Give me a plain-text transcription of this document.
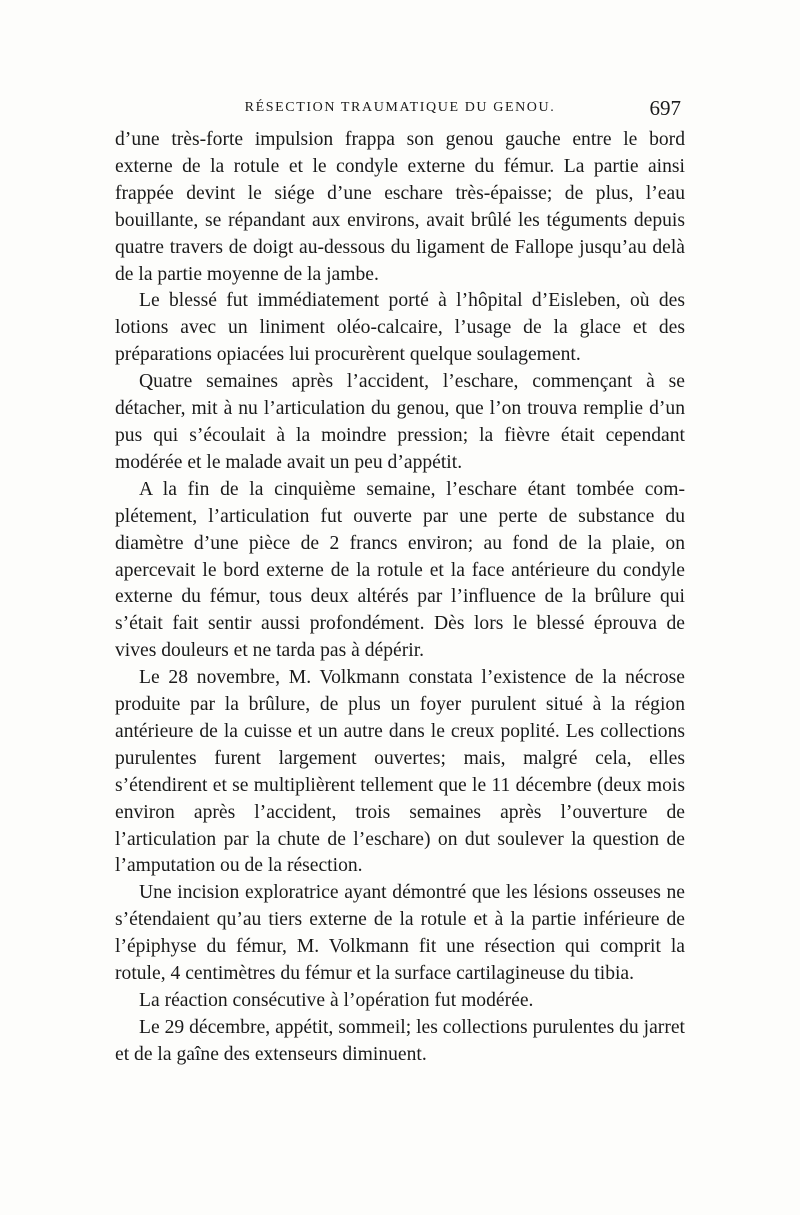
RÉSECTION TRAUMATIQUE DU GENOU.	697

d’une très-forte impulsion frappa son genou gauche entre le bord externe de la rotule et le condyle externe du fémur. La partie ainsi frappée devint le siége d’une eschare très-épaisse; de plus, l’eau bouillante, se répandant aux environs, avait brûlé les téguments depuis quatre travers de doigt au-dessous du ligament de Fallope jusqu’au delà de la partie moyenne de la jambe.

Le blessé fut immédiatement porté à l’hôpital d’Eisleben, où des lotions avec un liniment oléo-calcaire, l’usage de la glace et des préparations opiacées lui procurèrent quelque soulagement.

Quatre semaines après l’accident, l’eschare, commençant à se détacher, mit à nu l’articulation du genou, que l’on trouva remplie d’un pus qui s’écoulait à la moindre pression; la fièvre était cependant modérée et le malade avait un peu d’appétit.

A la fin de la cinquième semaine, l’eschare étant tombée complétement, l’articulation fut ouverte par une perte de substance du diamètre d’une pièce de 2 francs environ; au fond de la plaie, on apercevait le bord externe de la rotule et la face antérieure du condyle externe du fémur, tous deux altérés par l’influence de la brûlure qui s’était fait sentir aussi profondément. Dès lors le blessé éprouva de vives douleurs et ne tarda pas à dépérir.

Le 28 novembre, M. Volkmann constata l’existence de la nécrose produite par la brûlure, de plus un foyer purulent situé à la région antérieure de la cuisse et un autre dans le creux poplité. Les collections purulentes furent largement ouvertes; mais, malgré cela, elles s’étendirent et se multiplièrent tellement que le 11 décembre (deux mois environ après l’accident, trois semaines après l’ouverture de l’articulation par la chute de l’eschare) on dut soulever la question de l’amputation ou de la résection.

Une incision exploratrice ayant démontré que les lésions osseuses ne s’étendaient qu’au tiers externe de la rotule et à la partie inférieure de l’épiphyse du fémur, M. Volkmann fit une résection qui comprit la rotule, 4 centimètres du fémur et la surface cartilagineuse du tibia.

La réaction consécutive à l’opération fut modérée.

Le 29 décembre, appétit, sommeil; les collections purulentes du jarret et de la gaîne des extenseurs diminuent.
